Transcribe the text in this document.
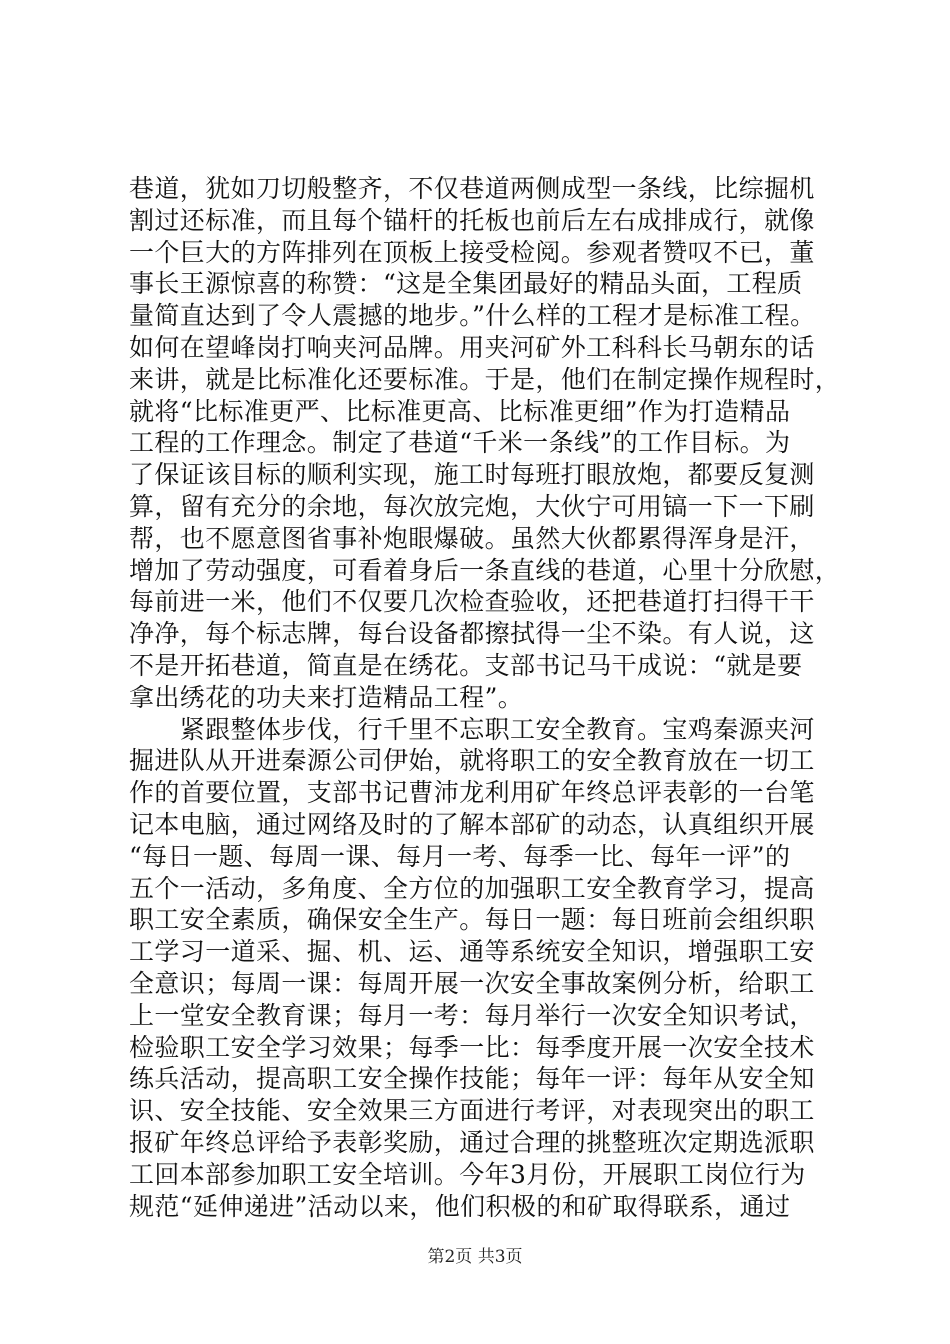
巷道，犹如刀切般整齐，不仅巷道两侧成型一条线，比综掘机
割过还标准，而且每个锚杆的托板也前后左右成排成行，就像
一个巨大的方阵排列在顶板上接受检阅。参观者赞叹不已，董
事长王源惊喜的称赞：“这是全集团最好的精品头面，工程质
量简直达到了令人震撼的地步。”什么样的工程才是标准工程。
如何在望峰岗打响夹河品牌。用夹河矿外工科科长马朝东的话
来讲，就是比标准化还要标准。于是，他们在制定操作规程时，
就将“比标准更严、比标准更高、比标准更细”作为打造精品
工程的工作理念。制定了巷道“千米一条线”的工作目标。为
了保证该目标的顺利实现，施工时每班打眼放炮，都要反复测
算，留有充分的余地，每次放完炮，大伙宁可用镐一下一下刷
帮，也不愿意图省事补炮眼爆破。虽然大伙都累得浑身是汗，
增加了劳动强度，可看着身后一条直线的巷道，心里十分欣慰，
每前进一米，他们不仅要几次检查验收，还把巷道打扫得干干
净净，每个标志牌，每台设备都擦拭得一尘不染。有人说，这
不是开拓巷道，简直是在绣花。支部书记马干成说：“就是要
拿出绣花的功夫来打造精品工程”。
　　紧跟整体步伐，行千里不忘职工安全教育。宝鸡秦源夹河
掘进队从开进秦源公司伊始，就将职工的安全教育放在一切工
作的首要位置，支部书记曹沛龙利用矿年终总评表彰的一台笔
记本电脑，通过网络及时的了解本部矿的动态，认真组织开展
“每日一题、每周一课、每月一考、每季一比、每年一评”的
五个一活动，多角度、全方位的加强职工安全教育学习，提高
职工安全素质，确保安全生产。每日一题：每日班前会组织职
工学习一道采、掘、机、运、通等系统安全知识，增强职工安
全意识；每周一课：每周开展一次安全事故案例分析，给职工
上一堂安全教育课；每月一考：每月举行一次安全知识考试，
检验职工安全学习效果；每季一比：每季度开展一次安全技术
练兵活动，提高职工安全操作技能；每年一评：每年从安全知
识、安全技能、安全效果三方面进行考评，对表现突出的职工
报矿年终总评给予表彰奖励，通过合理的挑整班次定期选派职
工回本部参加职工安全培训。今年3月份，开展职工岗位行为
规范“延伸递进”活动以来，他们积极的和矿取得联系，通过
第2页 共3页
